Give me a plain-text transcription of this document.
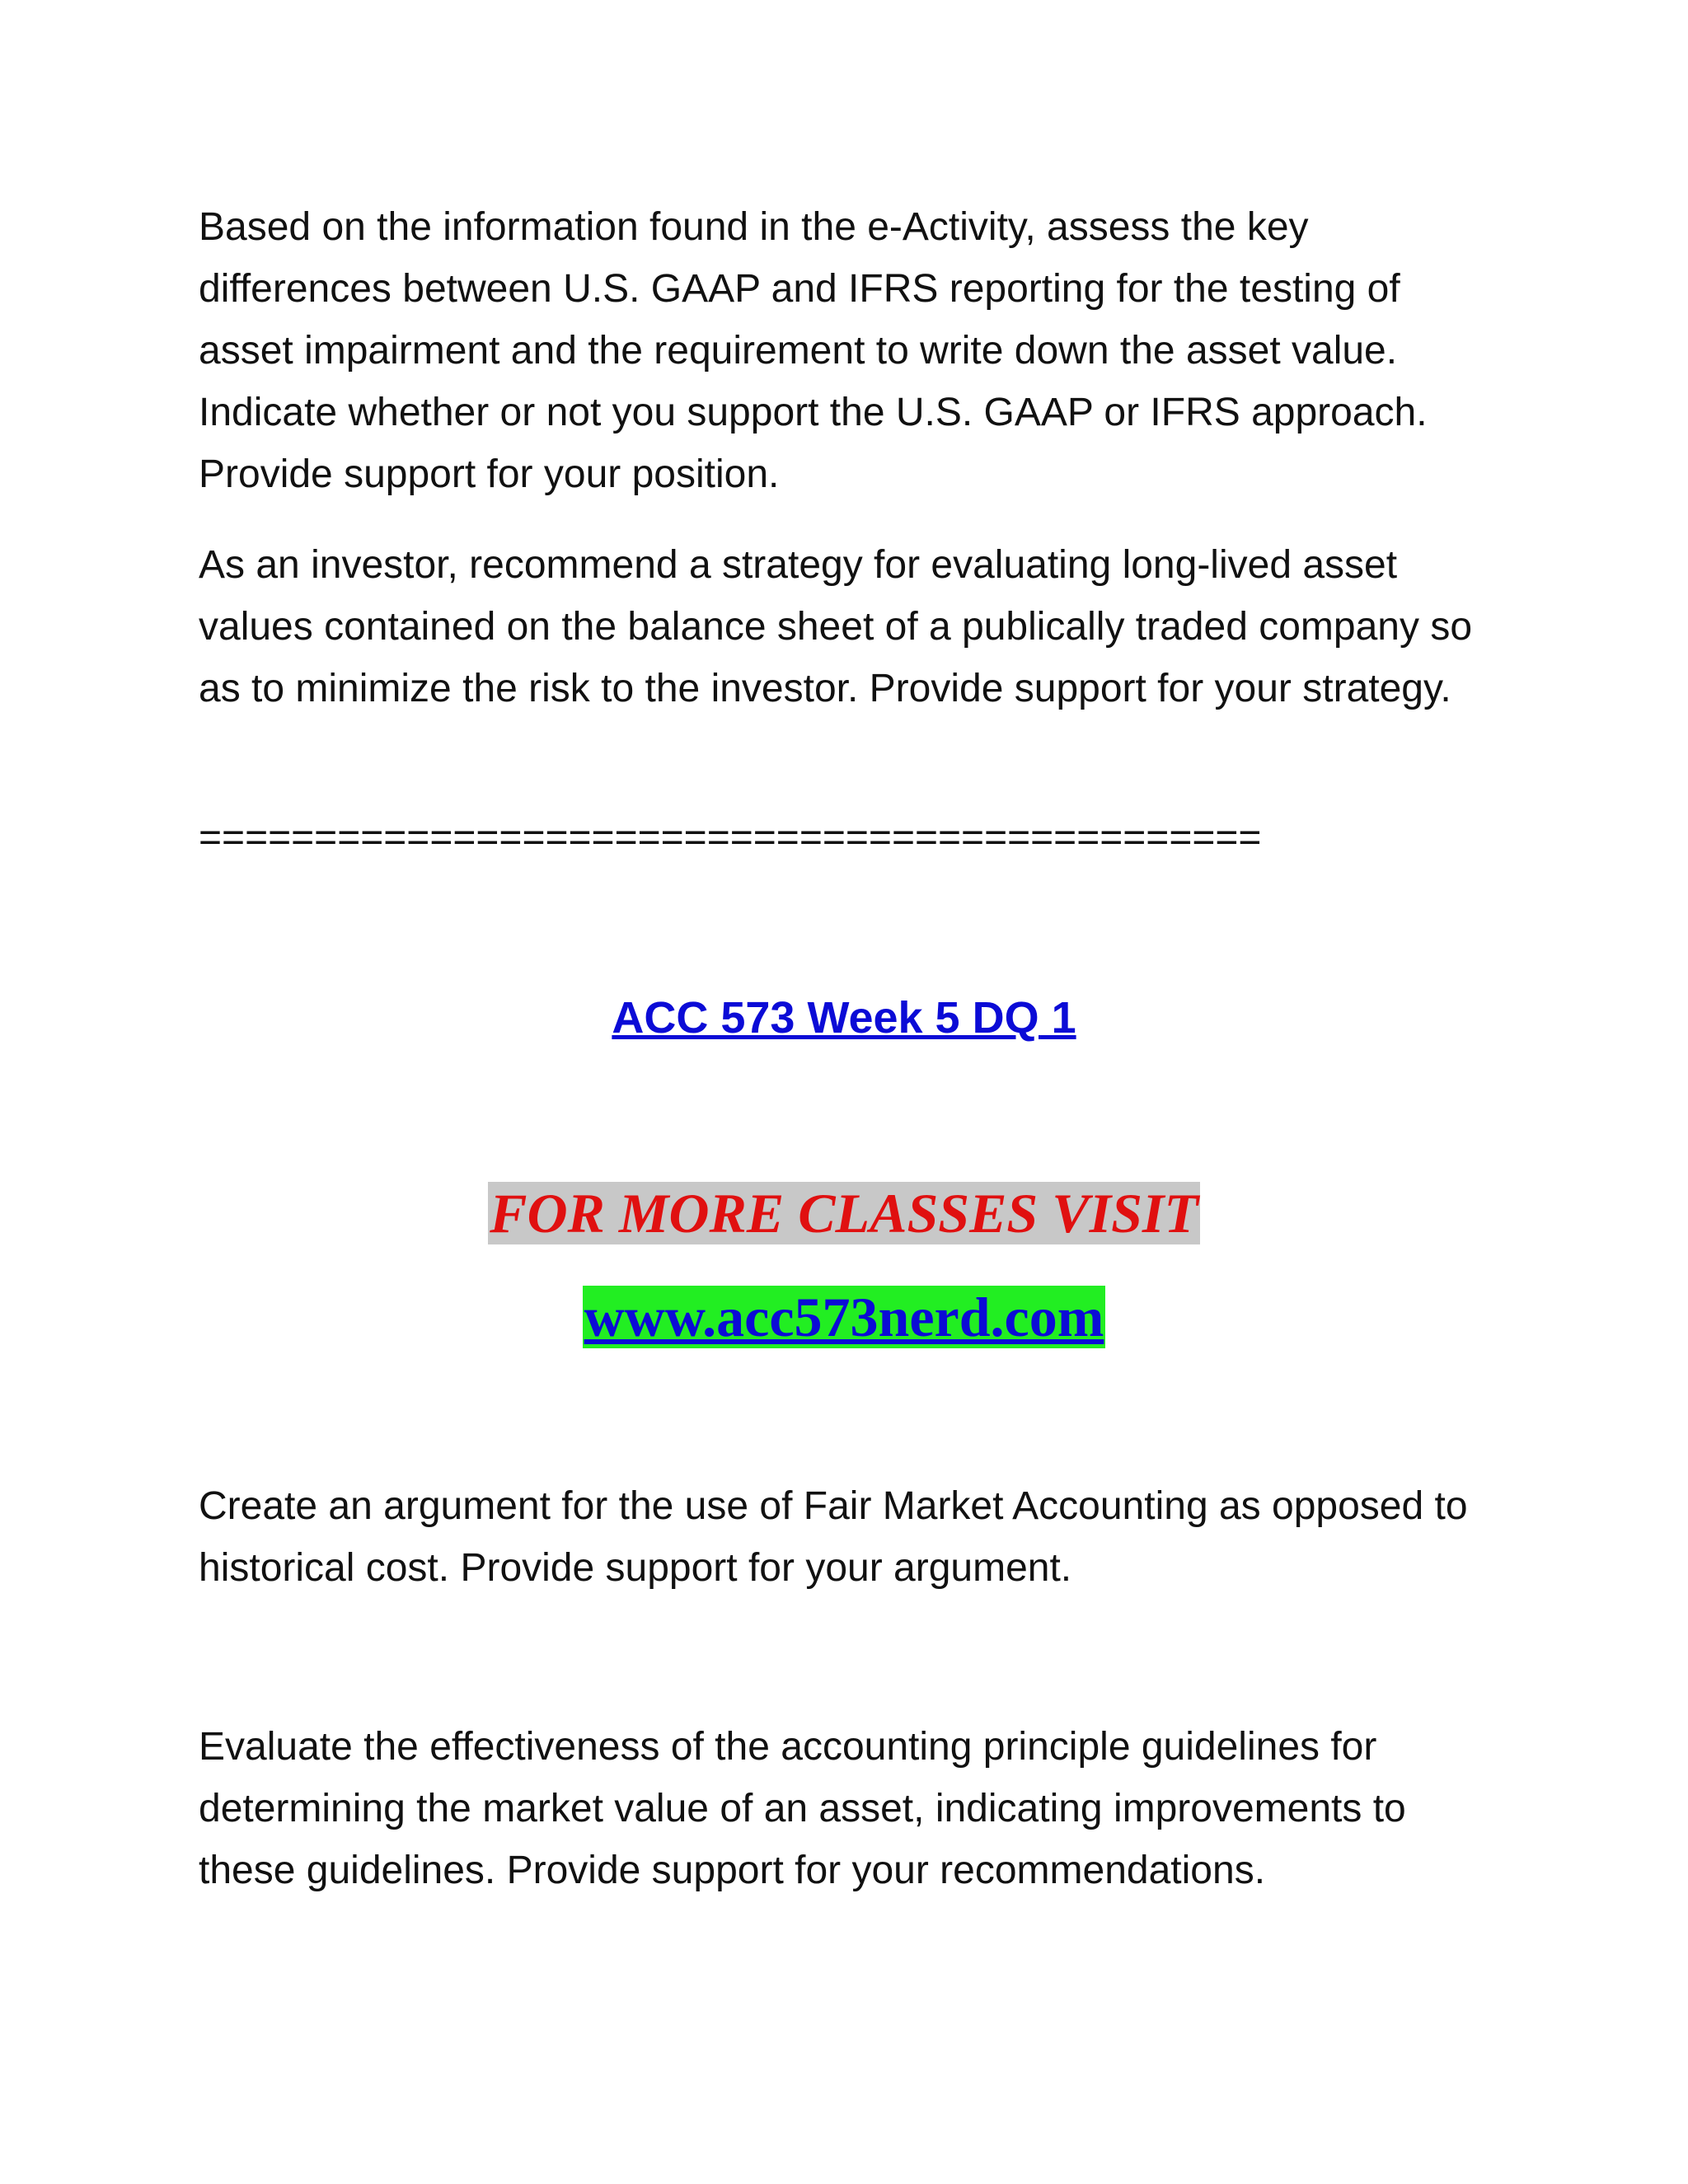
Based on the information found in the e-Activity, assess the key differences between U.S. GAAP and IFRS reporting for the testing of asset impairment and the requirement to write down the asset value. Indicate whether or not you support the U.S. GAAP or IFRS approach. Provide support for your position.

As an investor, recommend a strategy for evaluating long-lived asset values contained on the balance sheet of a publically traded company so as to minimize the risk to the investor. Provide support for your strategy.

==============================================
ACC 573 Week 5 DQ 1
FOR MORE CLASSES VISIT
www.acc573nerd.com

Create an argument for the use of Fair Market Accounting as opposed to historical cost. Provide support for your argument.

Evaluate the effectiveness of the accounting principle guidelines for determining the market value of an asset, indicating improvements to these guidelines. Provide support for your recommendations.
